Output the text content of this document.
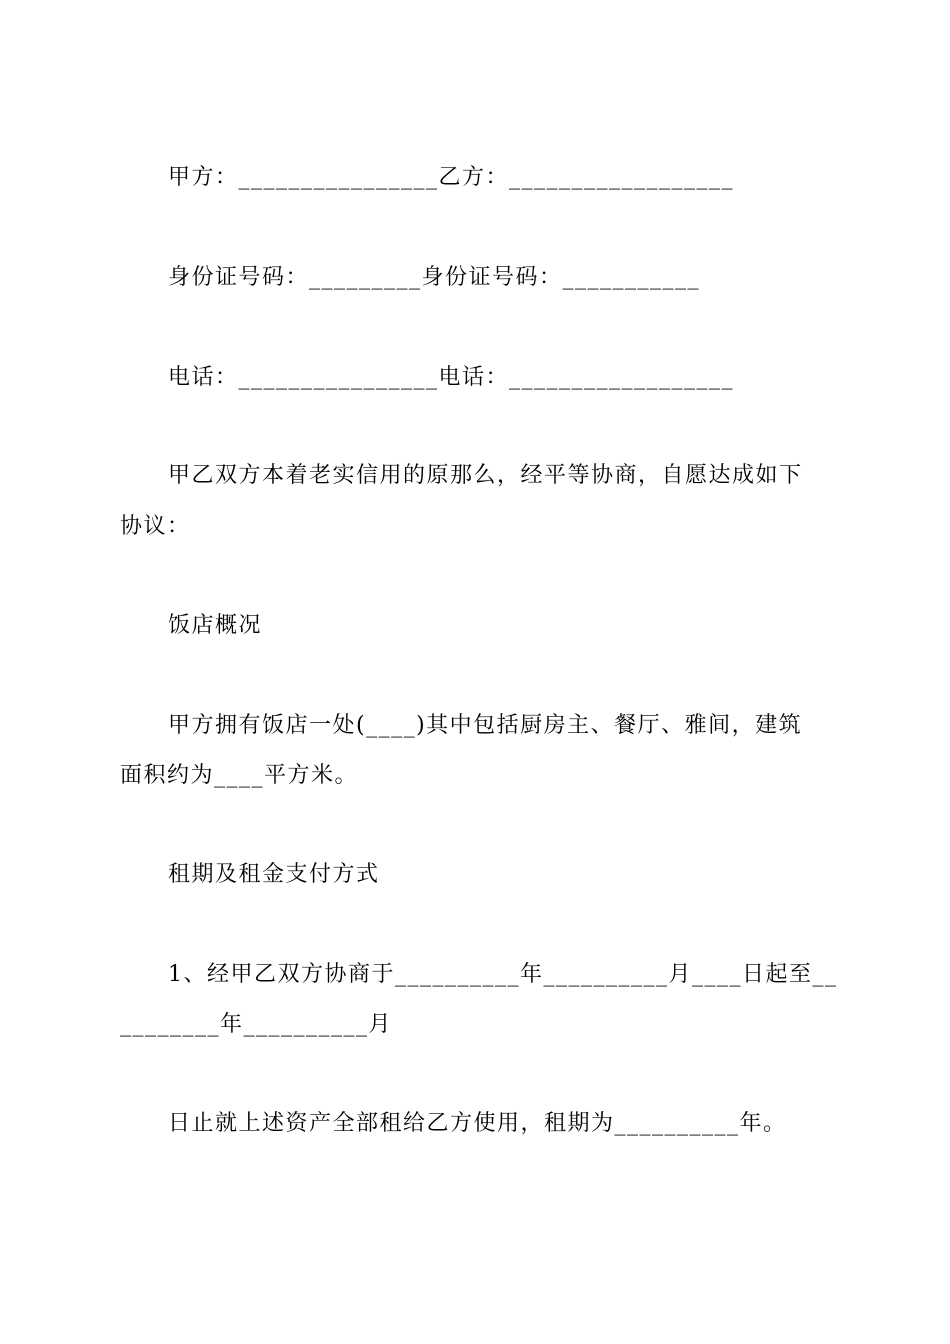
甲方：________________乙方：__________________
身份证号码：_________身份证号码：___________
电话：________________电话：__________________
甲乙双方本着老实信用的原那么，经平等协商，自愿达成如下
协议：
饭店概况
甲方拥有饭店一处(____)其中包括厨房主、餐厅、雅间，建筑
面积约为____平方米。
租期及租金支付方式
1、经甲乙双方协商于__________年__________月____日起至__
________年__________月
日止就上述资产全部租给乙方使用，租期为__________年。
